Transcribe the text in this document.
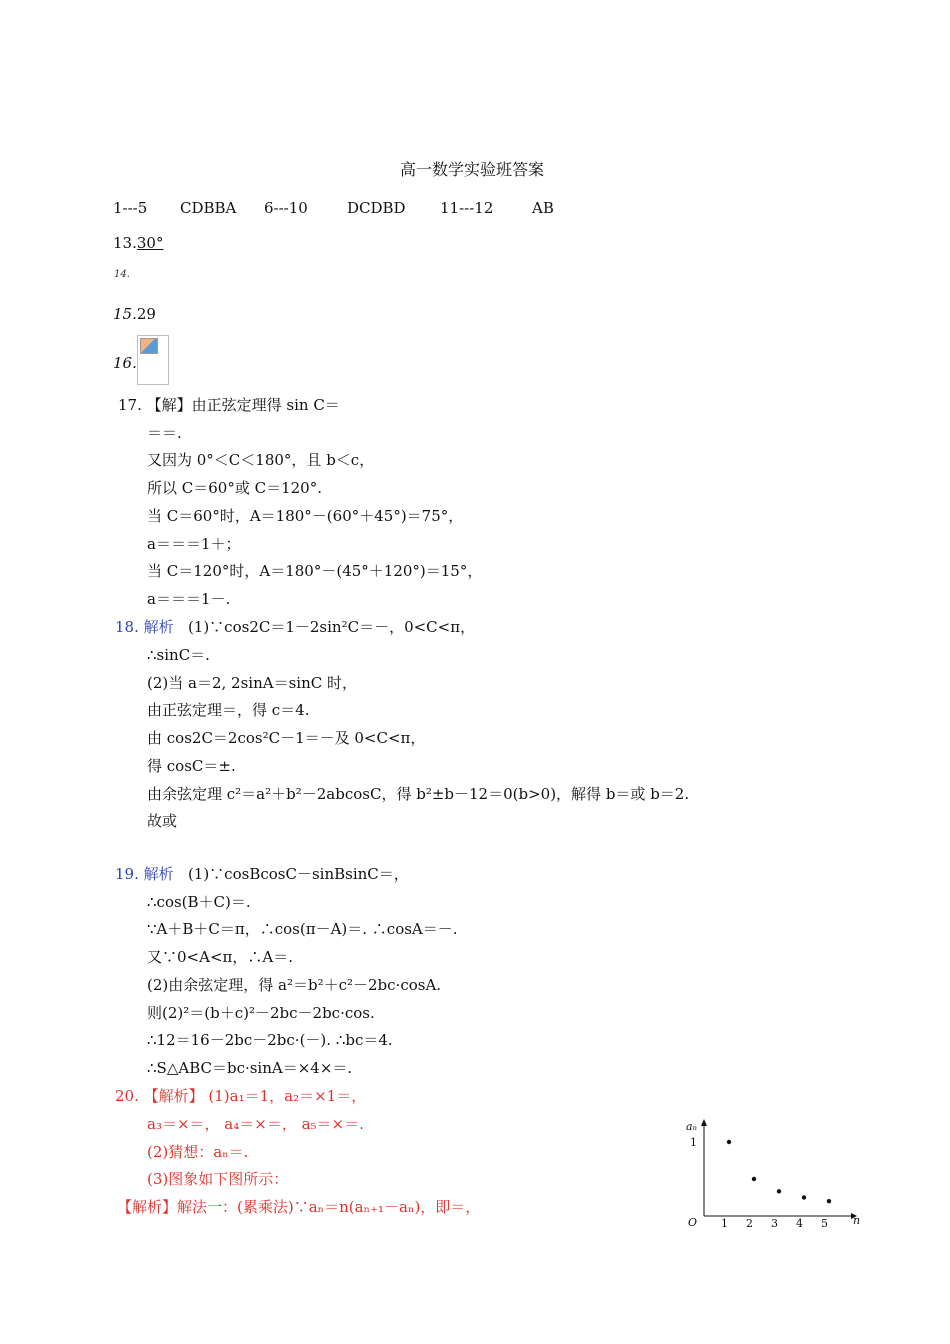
高一数学实验班答案
1---5 CDBBA 6---10	DCDBD 11---12	AB
13.30°
14.
15.29
16.
17. 【解】由正弦定理得 sin C＝
＝＝.
又因为 0°＜C＜180°，且 b＜c，
所以 C＝60°或 C＝120°.
当 C＝60°时，A＝180°－(60°＋45°)＝75°，
a＝＝＝1＋；
当 C＝120°时，A＝180°－(45°＋120°)＝15°，
a＝＝＝1－.
18. 解析 (1)∵cos2C＝1－2sin²C＝－，0<C<π，
∴sinC＝.
(2)当 a＝2, 2sinA＝sinC 时，
由正弦定理＝，得 c＝4.
由 cos2C＝2cos²C－1＝－及 0<C<π，
得 cosC＝±.
由余弦定理 c²＝a²＋b²－2abcosC，得 b²±b－12＝0(b>0)，解得 b＝或 b＝2.
故或
19. 解析 (1)∵cosBcosC－sinBsinC＝，
∴cos(B＋C)＝.
∵A＋B＋C＝π，∴cos(π－A)＝. ∴cosA＝－.
又∵0<A<π，∴A＝.
(2)由余弦定理，得 a²＝b²＋c²－2bc·cosA.
则(2)²＝(b＋c)²－2bc－2bc·cos.
∴12＝16－2bc－2bc·(－). ∴bc＝4.
∴S△ABC＝bc·sinA＝×4×＝.
20. 【解析】 (1)a₁＝1，a₂＝×1＝，
a₃＝×＝， a₄＝×＝， a₅＝×＝.
(2)猜想：aₙ＝.
(3)图象如下图所示：
【解析】解法一：(累乘法)∵aₙ＝n(aₙ₊₁－aₙ)，即＝，
aₙ
n
O
1
1 2 3 4 5
